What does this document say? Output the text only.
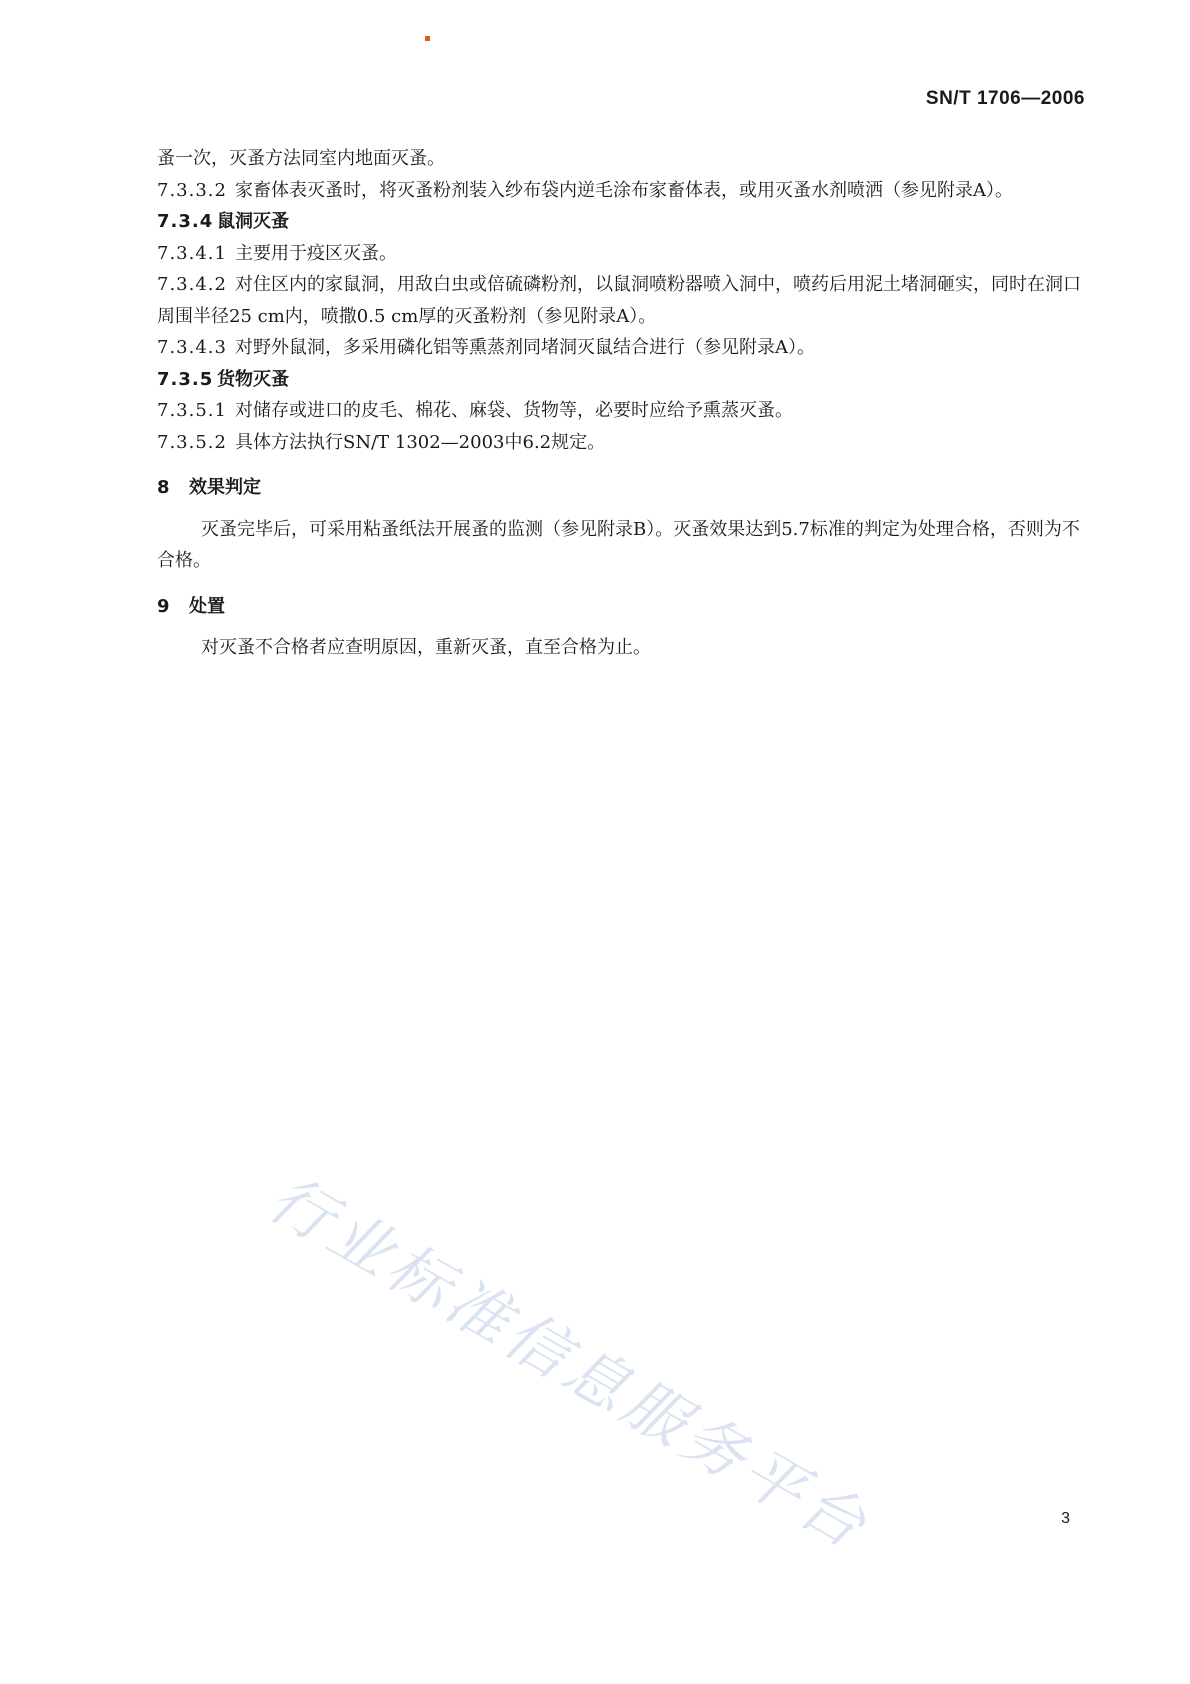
SN/T 1706—2006
蚤一次，灭蚤方法同室内地面灭蚤。
7.3.3.2 家畜体表灭蚤时，将灭蚤粉剂装入纱布袋内逆毛涂布家畜体表，或用灭蚤水剂喷洒（参见附录A）。
7.3.4 鼠洞灭蚤
7.3.4.1 主要用于疫区灭蚤。
7.3.4.2 对住区内的家鼠洞，用敌白虫或倍硫磷粉剂，以鼠洞喷粉器喷入洞中，喷药后用泥土堵洞砸实，同时在洞口周围半径25 cm内，喷撒0.5 cm厚的灭蚤粉剂（参见附录A）。
7.3.4.3 对野外鼠洞，多采用磷化铝等熏蒸剂同堵洞灭鼠结合进行（参见附录A）。
7.3.5 货物灭蚤
7.3.5.1 对储存或进口的皮毛、棉花、麻袋、货物等，必要时应给予熏蒸灭蚤。
7.3.5.2 具体方法执行SN/T 1302—2003中6.2规定。
8 效果判定
灭蚤完毕后，可采用粘蚤纸法开展蚤的监测（参见附录B）。灭蚤效果达到5.7标准的判定为处理合格，否则为不合格。
9 处置
对灭蚤不合格者应查明原因，重新灭蚤，直至合格为止。
行业标准信息服务平台	3
